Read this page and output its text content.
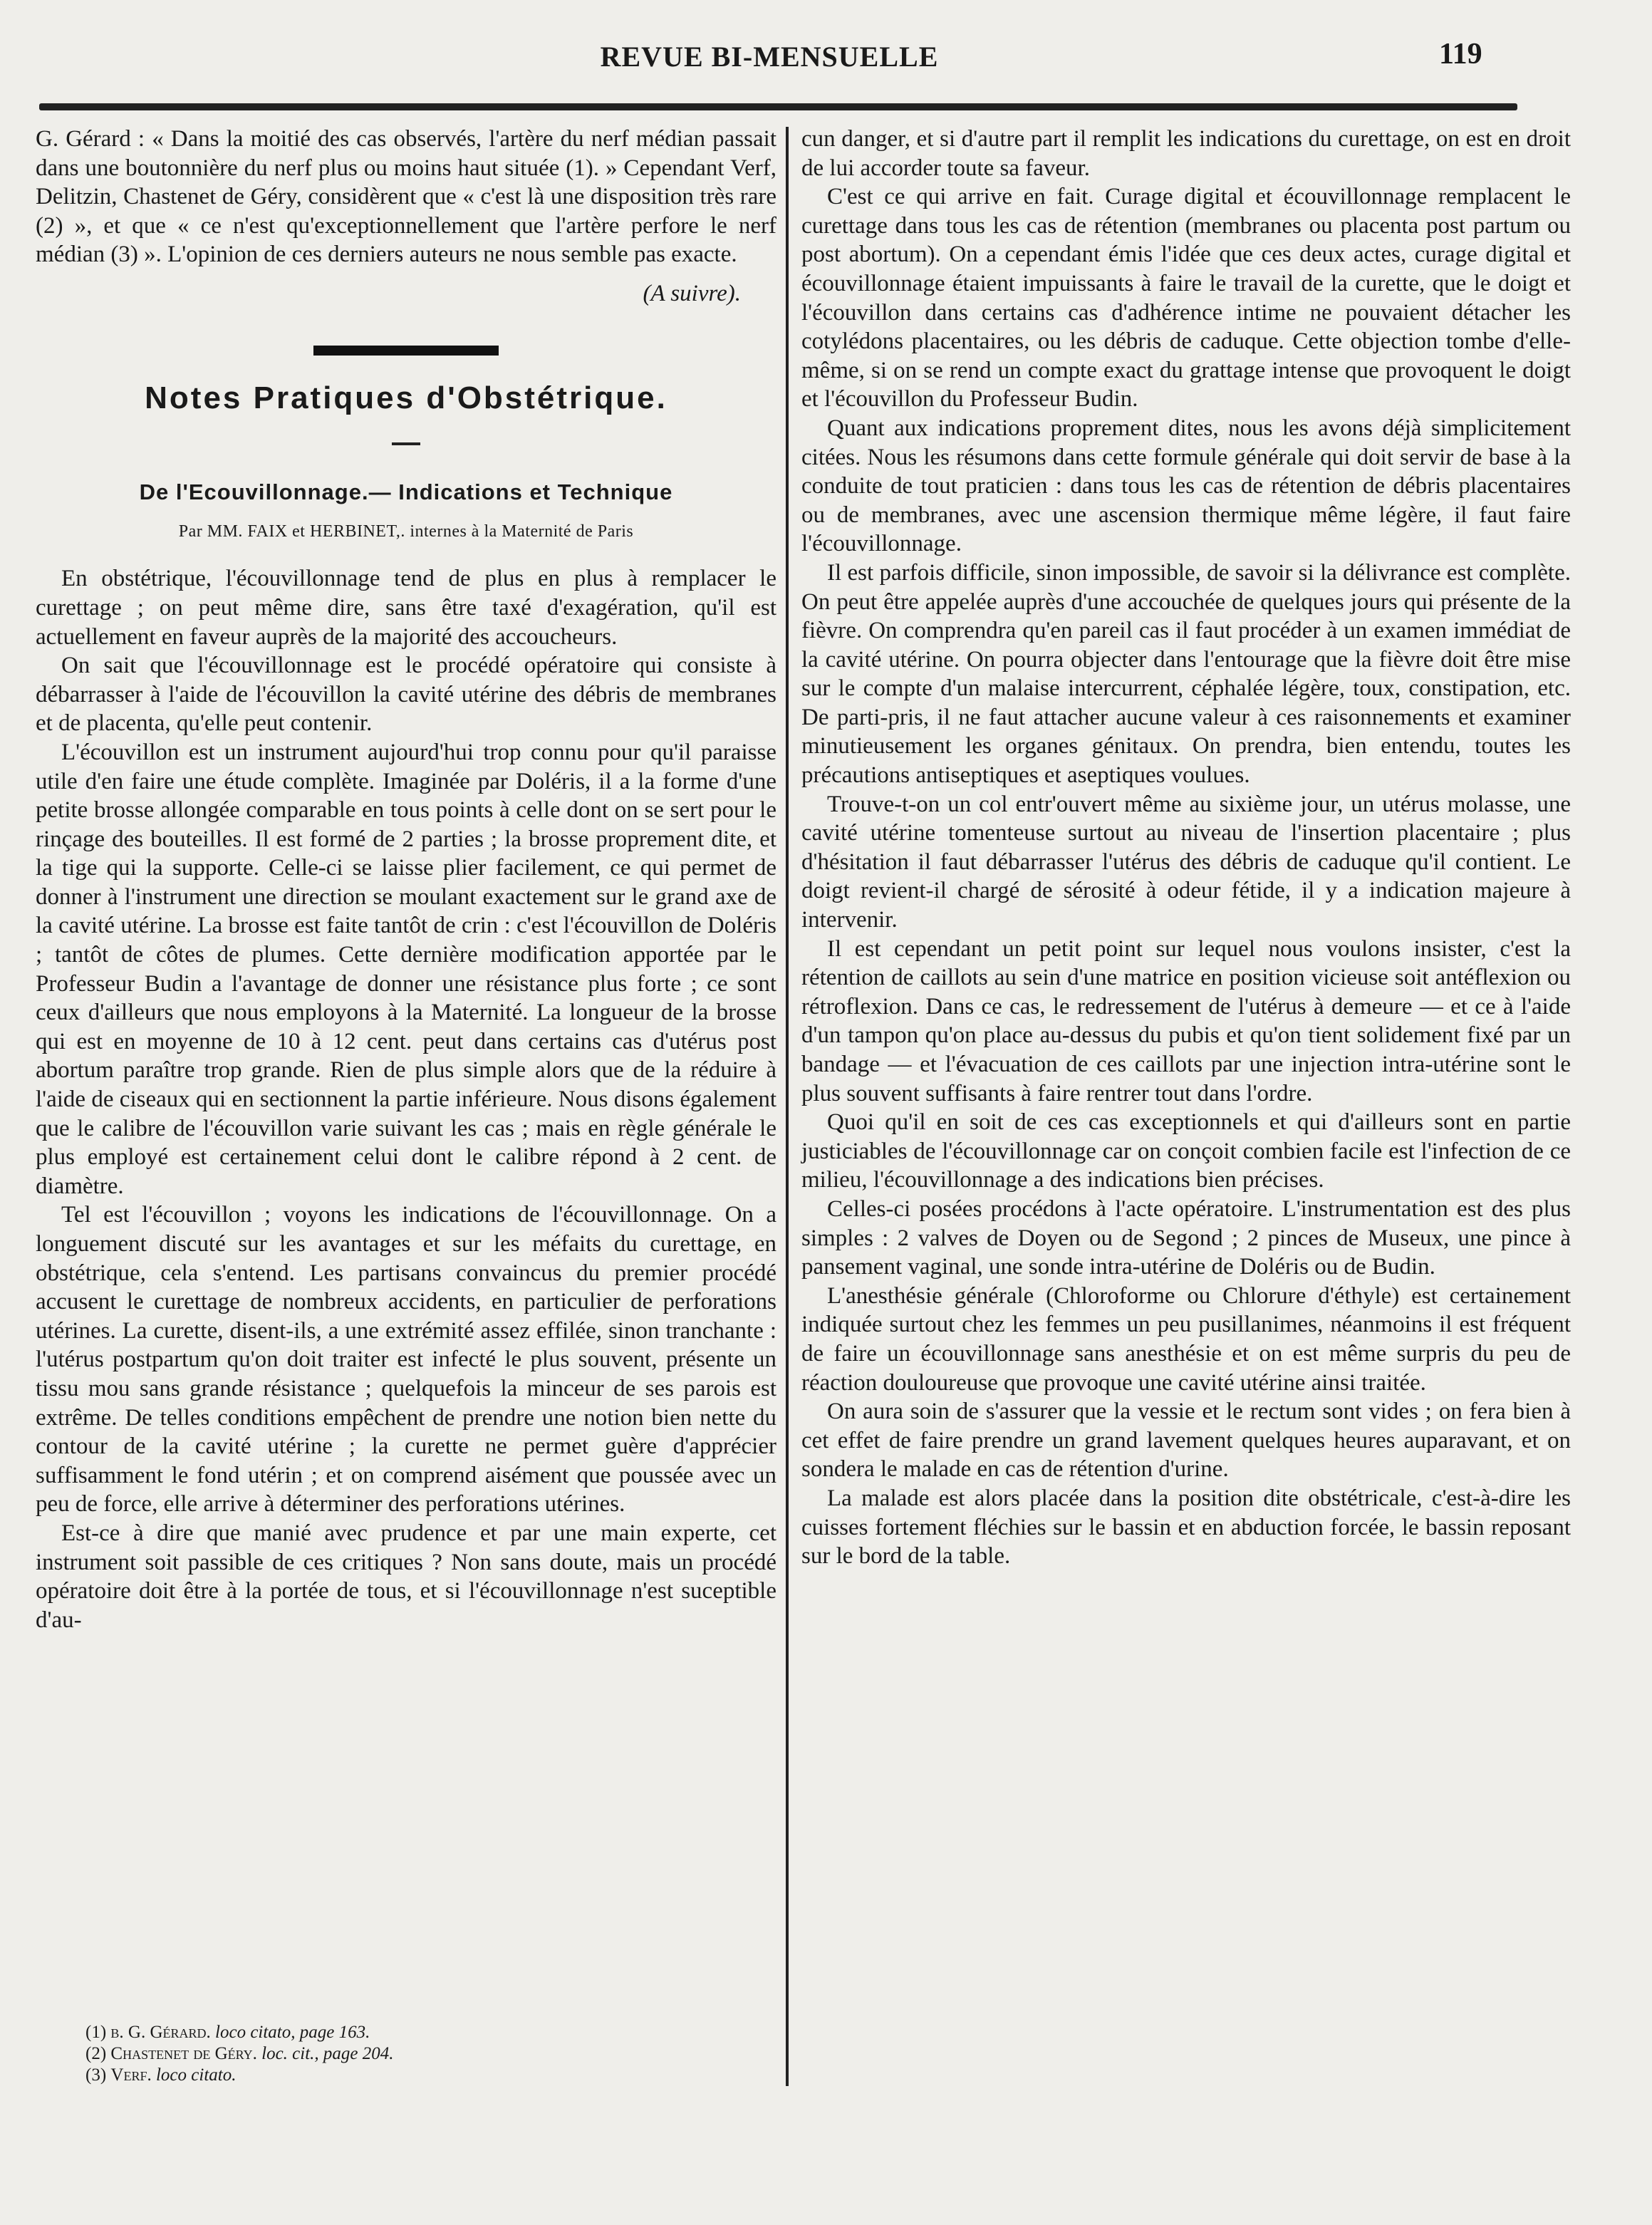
REVUE BI-MENSUELLE	119

G. Gérard : « Dans la moitié des cas observés, l'artère du nerf médian passait dans une boutonnière du nerf plus ou moins haut située (1). » Cependant Verf, Delitzin, Chastenet de Géry, considèrent que « c'est là une disposition très rare (2) », et que « ce n'est qu'exceptionnellement que l'artère perfore le nerf médian (3) ». L'opinion de ces derniers auteurs ne nous semble pas exacte.

(A suivre).

Notes Pratiques d'Obstétrique.
De l'Ecouvillonnage.— Indications et Technique
Par MM. FAIX et HERBINET,. internes à la Maternité de Paris

En obstétrique, l'écouvillonnage tend de plus en plus à remplacer le curettage ; on peut même dire, sans être taxé d'exagération, qu'il est actuellement en faveur auprès de la majorité des accoucheurs.

On sait que l'écouvillonnage est le procédé opératoire qui consiste à débarrasser à l'aide de l'écouvillon la cavité utérine des débris de membranes et de placenta, qu'elle peut contenir.

L'écouvillon est un instrument aujourd'hui trop connu pour qu'il paraisse utile d'en faire une étude complète. Imaginée par Doléris, il a la forme d'une petite brosse allongée comparable en tous points à celle dont on se sert pour le rinçage des bouteilles. Il est formé de 2 parties ; la brosse proprement dite, et la tige qui la supporte. Celle-ci se laisse plier facilement, ce qui permet de donner à l'instrument une direction se moulant exactement sur le grand axe de la cavité utérine. La brosse est faite tantôt de crin : c'est l'écouvillon de Doléris ; tantôt de côtes de plumes. Cette dernière modification apportée par le Professeur Budin a l'avantage de donner une résistance plus forte ; ce sont ceux d'ailleurs que nous employons à la Maternité. La longueur de la brosse qui est en moyenne de 10 à 12 cent. peut dans certains cas d'utérus post abortum paraître trop grande. Rien de plus simple alors que de la réduire à l'aide de ciseaux qui en sectionnent la partie inférieure. Nous disons également que le calibre de l'écouvillon varie suivant les cas ; mais en règle générale le plus employé est certainement celui dont le calibre répond à 2 cent. de diamètre.

Tel est l'écouvillon ; voyons les indications de l'écouvillonnage. On a longuement discuté sur les avantages et sur les méfaits du curettage, en obstétrique, cela s'entend. Les partisans convaincus du premier procédé accusent le curettage de nombreux accidents, en particulier de perforations utérines. La curette, disent-ils, a une extrémité assez effilée, sinon tranchante : l'utérus postpartum qu'on doit traiter est infecté le plus souvent, présente un tissu mou sans grande résistance ; quelquefois la minceur de ses parois est extrême. De telles conditions empêchent de prendre une notion bien nette du contour de la cavité utérine ; la curette ne permet guère d'apprécier suffisamment le fond utérin ; et on comprend aisément que poussée avec un peu de force, elle arrive à déterminer des perforations utérines.

Est-ce à dire que manié avec prudence et par une main experte, cet instrument soit passible de ces critiques ? Non sans doute, mais un procédé opératoire doit être à la portée de tous, et si l'écouvillonnage n'est suceptible d'au-

(1) b. G. Gérard. loco citato, page 163.

(2) Chastenet de Géry. loc. cit., page 204.

(3) Verf. loco citato.

cun danger, et si d'autre part il remplit les indications du curettage, on est en droit de lui accorder toute sa faveur.

C'est ce qui arrive en fait. Curage digital et écouvillonnage remplacent le curettage dans tous les cas de rétention (membranes ou placenta post partum ou post abortum). On a cependant émis l'idée que ces deux actes, curage digital et écouvillonnage étaient impuissants à faire le travail de la curette, que le doigt et l'écouvillon dans certains cas d'adhérence intime ne pouvaient détacher les cotylédons placentaires, ou les débris de caduque. Cette objection tombe d'elle-même, si on se rend un compte exact du grattage intense que provoquent le doigt et l'écouvillon du Professeur Budin.

Quant aux indications proprement dites, nous les avons déjà simplicitement citées. Nous les résumons dans cette formule générale qui doit servir de base à la conduite de tout praticien : dans tous les cas de rétention de débris placentaires ou de membranes, avec une ascension thermique même légère, il faut faire l'écouvillonnage.

Il est parfois difficile, sinon impossible, de savoir si la délivrance est complète. On peut être appelée auprès d'une accouchée de quelques jours qui présente de la fièvre. On comprendra qu'en pareil cas il faut procéder à un examen immédiat de la cavité utérine. On pourra objecter dans l'entourage que la fièvre doit être mise sur le compte d'un malaise intercurrent, céphalée légère, toux, constipation, etc. De parti-pris, il ne faut attacher aucune valeur à ces raisonnements et examiner minutieusement les organes génitaux. On prendra, bien entendu, toutes les précautions antiseptiques et aseptiques voulues.

Trouve-t-on un col entr'ouvert même au sixième jour, un utérus molasse, une cavité utérine tomenteuse surtout au niveau de l'insertion placentaire ; plus d'hésitation il faut débarrasser l'utérus des débris de caduque qu'il contient. Le doigt revient-il chargé de sérosité à odeur fétide, il y a indication majeure à intervenir.

Il est cependant un petit point sur lequel nous voulons insister, c'est la rétention de caillots au sein d'une matrice en position vicieuse soit antéflexion ou rétroflexion. Dans ce cas, le redressement de l'utérus à demeure — et ce à l'aide d'un tampon qu'on place au-dessus du pubis et qu'on tient solidement fixé par un bandage — et l'évacuation de ces caillots par une injection intra-utérine sont le plus souvent suffisants à faire rentrer tout dans l'ordre.

Quoi qu'il en soit de ces cas exceptionnels et qui d'ailleurs sont en partie justiciables de l'écouvillonnage car on conçoit combien facile est l'infection de ce milieu, l'écouvillonnage a des indications bien précises.

Celles-ci posées procédons à l'acte opératoire. L'instrumentation est des plus simples : 2 valves de Doyen ou de Segond ; 2 pinces de Museux, une pince à pansement vaginal, une sonde intra-utérine de Doléris ou de Budin.

L'anesthésie générale (Chloroforme ou Chlorure d'éthyle) est certainement indiquée surtout chez les femmes un peu pusillanimes, néanmoins il est fréquent de faire un écouvillonnage sans anesthésie et on est même surpris du peu de réaction douloureuse que provoque une cavité utérine ainsi traitée.

On aura soin de s'assurer que la vessie et le rectum sont vides ; on fera bien à cet effet de faire prendre un grand lavement quelques heures auparavant, et on sondera le malade en cas de rétention d'urine.

La malade est alors placée dans la position dite obstétricale, c'est-à-dire les cuisses fortement fléchies sur le bassin et en abduction forcée, le bassin reposant sur le bord de la table.
